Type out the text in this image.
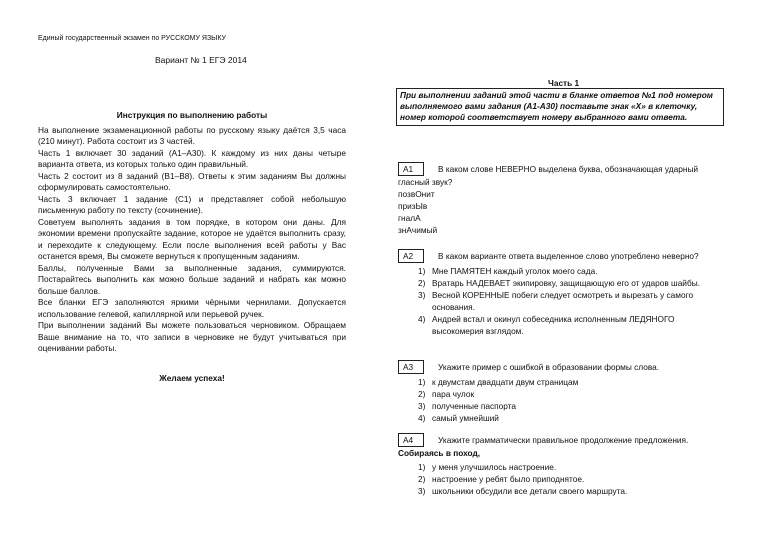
Единый государственный экзамен по РУССКОМУ ЯЗЫКУ
Вариант № 1 ЕГЭ 2014
Инструкция по выполнению работы

На выполнение экзаменационной работы по русскому языку даётся 3,5 часа (210 минут). Работа состоит из 3 частей.

Часть 1 включает 30 заданий (А1–А30). К каждому из них даны четыре варианта ответа, из которых только один правильный.

Часть 2 состоит из 8 заданий (В1–В8). Ответы к этим заданиям Вы должны сформулировать самостоятельно.

Часть 3 включает 1 задание (С1) и представляет собой небольшую письменную работу по тексту (сочинение).

Советуем выполнять задания в том порядке, в котором они даны. Для экономии времени пропускайте задание, которое не удаётся выполнить сразу, и переходите к следующему. Если после выполнения всей работы у Вас останется время, Вы сможете вернуться к пропущенным заданиям.

Баллы, полученные Вами за выполненные задания, суммируются. Постарайтесь выполнить как можно больше заданий и набрать как можно больше баллов.

Все бланки ЕГЭ заполняются яркими чёрными чернилами. Допускается использование гелевой, капиллярной или перьевой ручек.

При выполнении заданий Вы можете пользоваться черновиком. Обращаем Ваше внимание на то, что записи в черновике не будут учитываться при оценивании работы.

Желаем успеха!
Часть 1
При выполнении заданий этой части в бланке ответов №1 под номером выполняемого вами задания (А1-А30) поставьте знак «Х» в клеточку, номер которой соответствует номеру выбранного вами ответа.
А1	В каком слове НЕВЕРНО выделена буква, обозначающая ударный гласный звук?
позвОнит
призЫв
гналА
знАчимый
А2	В каком варианте ответа выделенное слово употреблено неверно?
1) Мне ПАМЯТЕН каждый уголок моего сада.
2) Вратарь НАДЕВАЕТ экипировку, защищающую его от ударов шайбы.
3) Весной КОРЕННЫЕ побеги следует осмотреть и вырезать у самого основания.
4) Андрей встал и окинул собеседника исполненным ЛЕДЯНОГО высокомерия взглядом.
А3	Укажите пример с ошибкой в образовании формы слова.
1) к двумстам двадцати двум страницам
2) пара чулок
3) полученные паспорта
4) самый умнейший
А4	Укажите грамматически правильное продолжение предложения.
Собираясь в поход,
1) у меня улучшилось настроение.
2) настроение у ребят было приподнятое.
3) школьники обсудили все детали своего маршрута.
